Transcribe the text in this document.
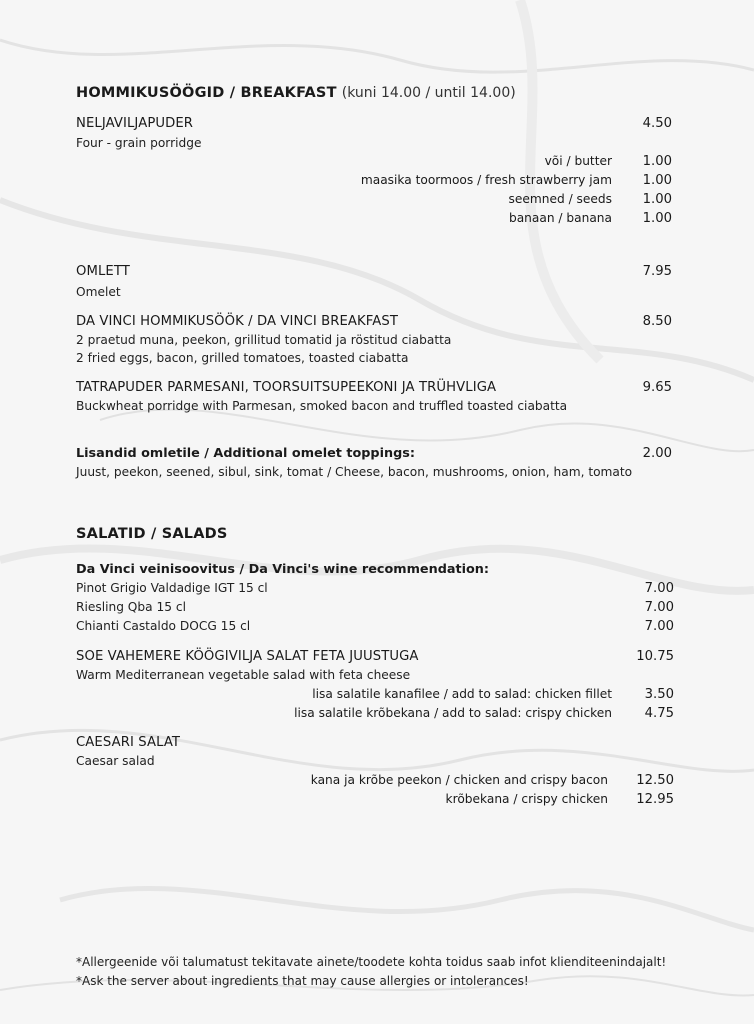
HOMMIKUSÖÖGID / BREAKFAST (kuni 14.00 / until 14.00)
NELJAVILJAPUDER	4.50
Four - grain porridge
või / butter	1.00
maasika toormoos / fresh strawberry jam	1.00
seemned / seeds	1.00
banaan / banana	1.00
OMLETT	7.95
Omelet
DA VINCI HOMMIKUSÖÖK / DA VINCI BREAKFAST	8.50
2 praetud muna, peekon, grillitud tomatid ja röstitud ciabatta
2 fried eggs, bacon, grilled tomatoes, toasted ciabatta
TATRAPUDER PARMESANI, TOORSUITSUPEEKONI JA TRÜHVLIGA	9.65
Buckwheat porridge with Parmesan, smoked bacon and truffled toasted ciabatta
Lisandid omletile / Additional omelet toppings:	2.00
Juust, peekon, seened, sibul, sink, tomat / Cheese, bacon, mushrooms, onion, ham, tomato
SALATID / SALADS
Da Vinci veinisoovitus / Da Vinci's wine recommendation:
Pinot Grigio Valdadige IGT 15 cl	7.00
Riesling Qba 15 cl	7.00
Chianti Castaldo DOCG 15 cl	7.00
SOE VAHEMERE KÖÖGIVILJA SALAT FETA JUUSTUGA	10.75
Warm Mediterranean vegetable salad with feta cheese
lisa salatile kanafilee / add to salad: chicken fillet	3.50
lisa salatile krõbekana / add to salad: crispy chicken	4.75
CAESARI SALAT
Caesar salad
kana ja krõbe peekon / chicken and crispy bacon	12.50
krõbekana / crispy chicken	12.95
*Allergeenide või talumatust tekitavate ainete/toodete kohta toidus saab infot klienditeenindajalt!
*Ask the server about ingredients that may cause allergies or intolerances!
